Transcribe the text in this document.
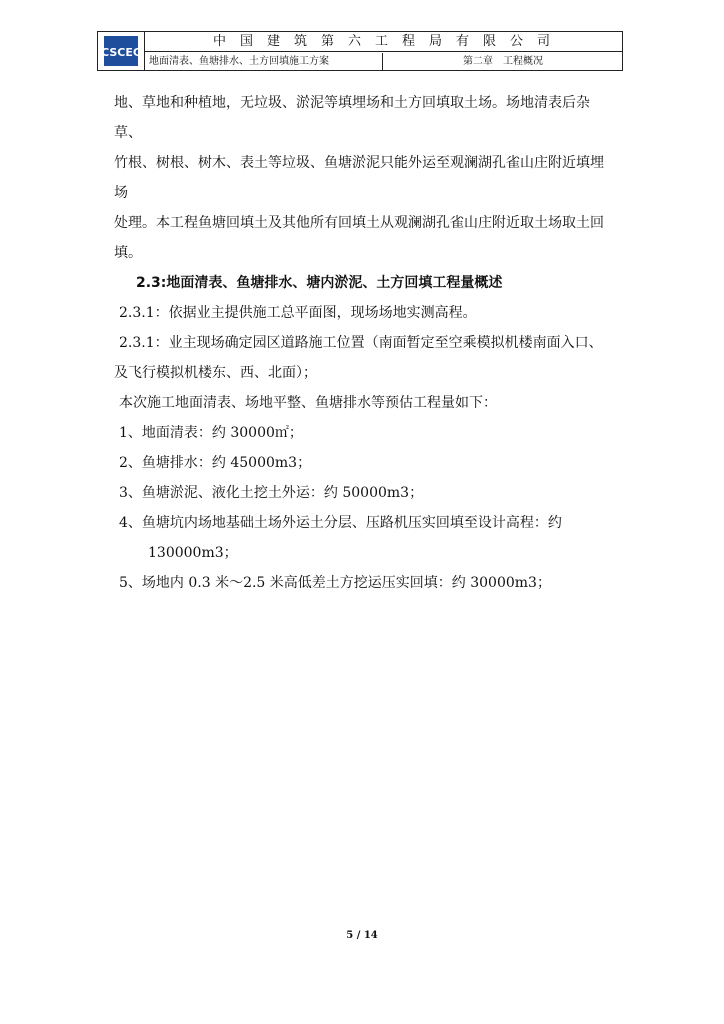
CSCEC
中国建筑第六工程局有限公司
地面清表、鱼塘排水、土方回填施工方案	第二章　工程概况

地、草地和种植地，无垃圾、淤泥等填埋场和土方回填取土场。场地清表后杂草、

竹根、树根、树木、表土等垃圾、鱼塘淤泥只能外运至观澜湖孔雀山庄附近填埋场

处理。本工程鱼塘回填土及其他所有回填土从观澜湖孔雀山庄附近取土场取土回

填。

2.3:地面清表、鱼塘排水、塘内淤泥、土方回填工程量概述

2.3.1：依据业主提供施工总平面图，现场场地实测高程。

2.3.1：业主现场确定园区道路施工位置（南面暂定至空乘模拟机楼南面入口、

及飞行模拟机楼东、西、北面）；

本次施工地面清表、场地平整、鱼塘排水等预估工程量如下：

1、地面清表：约 30000㎡；

2、鱼塘排水：约 45000m3；

3、鱼塘淤泥、液化土挖土外运：约 50000m3；

4、鱼塘坑内场地基础土场外运土分层、压路机压实回填至设计高程：约

130000m3；

5、场地内 0.3 米～2.5 米高低差土方挖运压实回填：约 30000m3；

5 / 14
